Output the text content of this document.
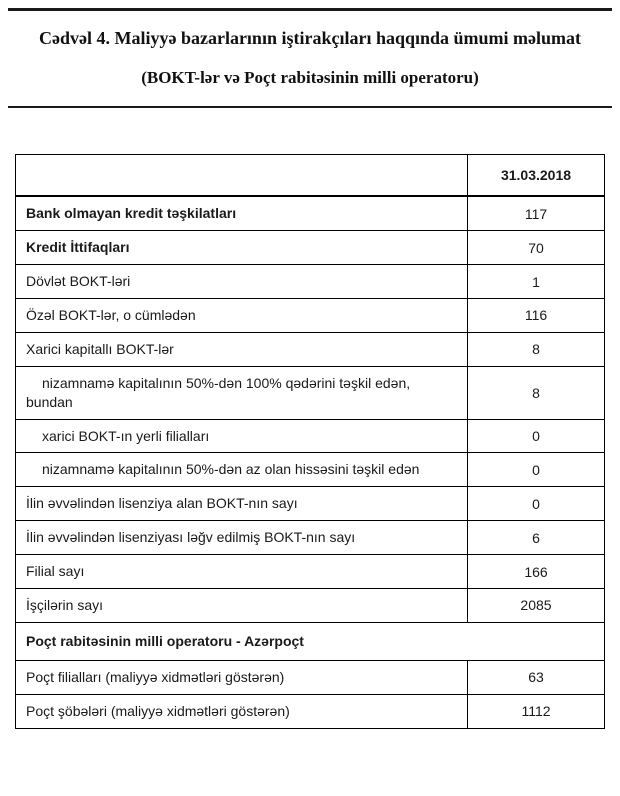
Cədvəl 4. Maliyyə bazarlarının iştirakçıları haqqında ümumi məlumat
(BOKT-lər və Poçt rabitəsinin milli operatoru)
	31.03.2018
Bank olmayan kredit təşkilatları	117
Kredit İttifaqları	70
Dövlət BOKT-ləri	1
Özəl BOKT-lər, o cümlədən	116
Xarici kapitallı BOKT-lər	8
nizamnamə kapitalının 50%-dən 100% qədərini təşkil edən, bundan	8
xarici BOKT-ın yerli filialları	0
nizamnamə kapitalının 50%-dən az olan hissəsini təşkil edən	0
İlin əvvəlindən lisenziya alan BOKT-nın sayı	0
İlin əvvəlindən lisenziyası ləğv edilmiş BOKT-nın sayı	6
Filial sayı	166
İşçilərin sayı	2085
Poçt rabitəsinin milli operatoru - Azərpoçt	
Poçt filialları (maliyyə xidmətləri göstərən)	63
Poçt şöbələri (maliyyə xidmətləri göstərən)	1112
